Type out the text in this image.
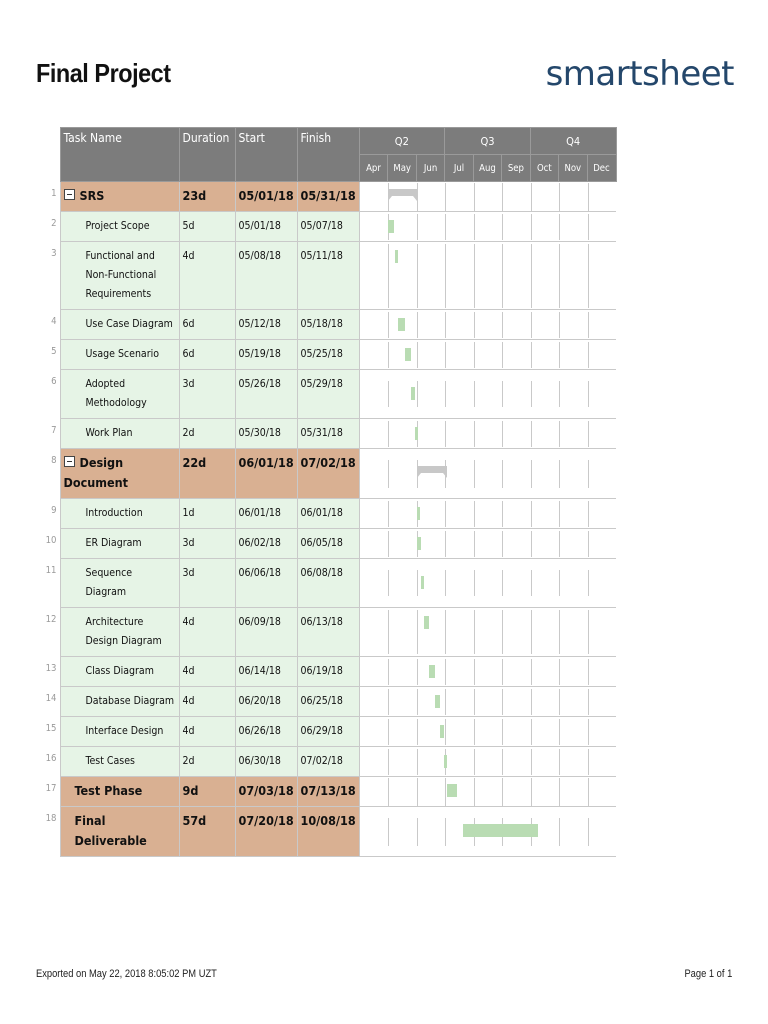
Final Project	smartsheet
	Task Name	Duration	Start	Finish		Q2	Q3	Q4

Apr	May	Jun	Jul	Aug	Sep	Oct	Nov	Dec

1	SRS	23d	05/01/18	05/31/18	

2	Project Scope	5d	05/01/18	05/07/18	

3	Functional and Non-Functional Requirements	4d	05/08/18	05/11/18	

4	Use Case Diagram	6d	05/12/18	05/18/18	

5	Usage Scenario	6d	05/19/18	05/25/18	

6	Adopted Methodology	3d	05/26/18	05/29/18	

7	Work Plan	2d	05/30/18	05/31/18	

8	Design Document	22d	06/01/18	07/02/18	

9	Introduction	1d	06/01/18	06/01/18	

10	ER Diagram	3d	06/02/18	06/05/18	

11	Sequence Diagram	3d	06/06/18	06/08/18	

12	Architecture Design Diagram	4d	06/09/18	06/13/18	

13	Class Diagram	4d	06/14/18	06/19/18	

14	Database Diagram	4d	06/20/18	06/25/18	

15	Interface Design	4d	06/26/18	06/29/18	

16	Test Cases	2d	06/30/18	07/02/18	

17	Test Phase	9d	07/03/18	07/13/18	

18	Final Deliverable	57d	07/20/18	10/08/18	
Exported on May 22, 2018 8:05:02 PM UZT	Page 1 of 1
